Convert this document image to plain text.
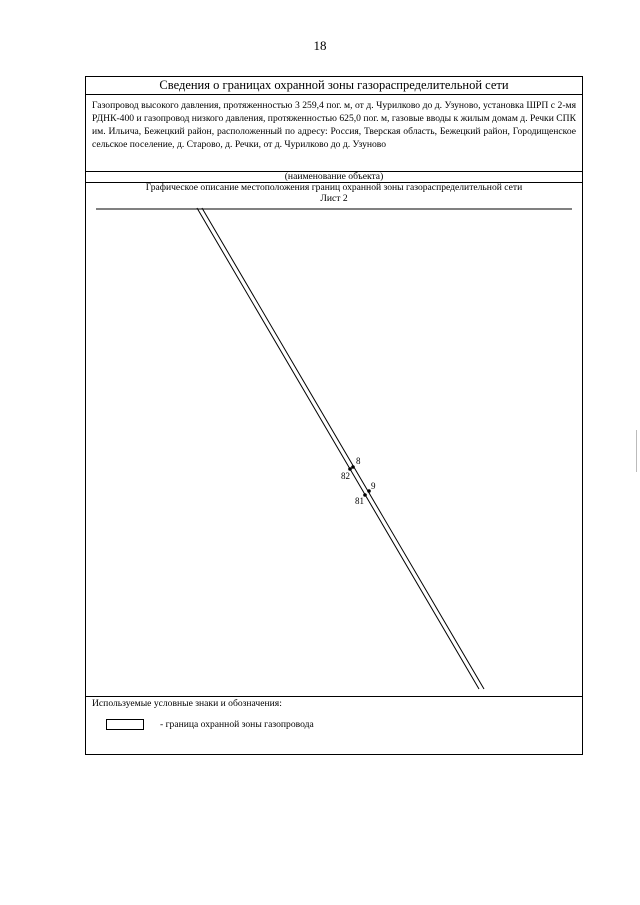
18
Сведения о границах охранной зоны газораспределительной сети
Газопровод высокого давления, протяженностью 3 259,4 пог. м, от д. Чурилково до д. Узуново, установка ШРП с 2-мя РДНК-400 и газопровод низкого давления, протяженностью 625,0 пог. м, газовые вводы к жилым домам д. Речки СПК им. Ильича, Бежецкий район, расположенный по адресу: Россия, Тверская область, Бежецкий район, Городищенское сельское поселение, д. Старово, д. Речки, от д. Чурилково до д. Узуново
(наименование объекта)
Графическое описание местоположения границ охранной зоны газораспределительной сети
Лист 2
8
82
9
81
Используемые условные знаки и обозначения:
- граница охранной зоны газопровода
